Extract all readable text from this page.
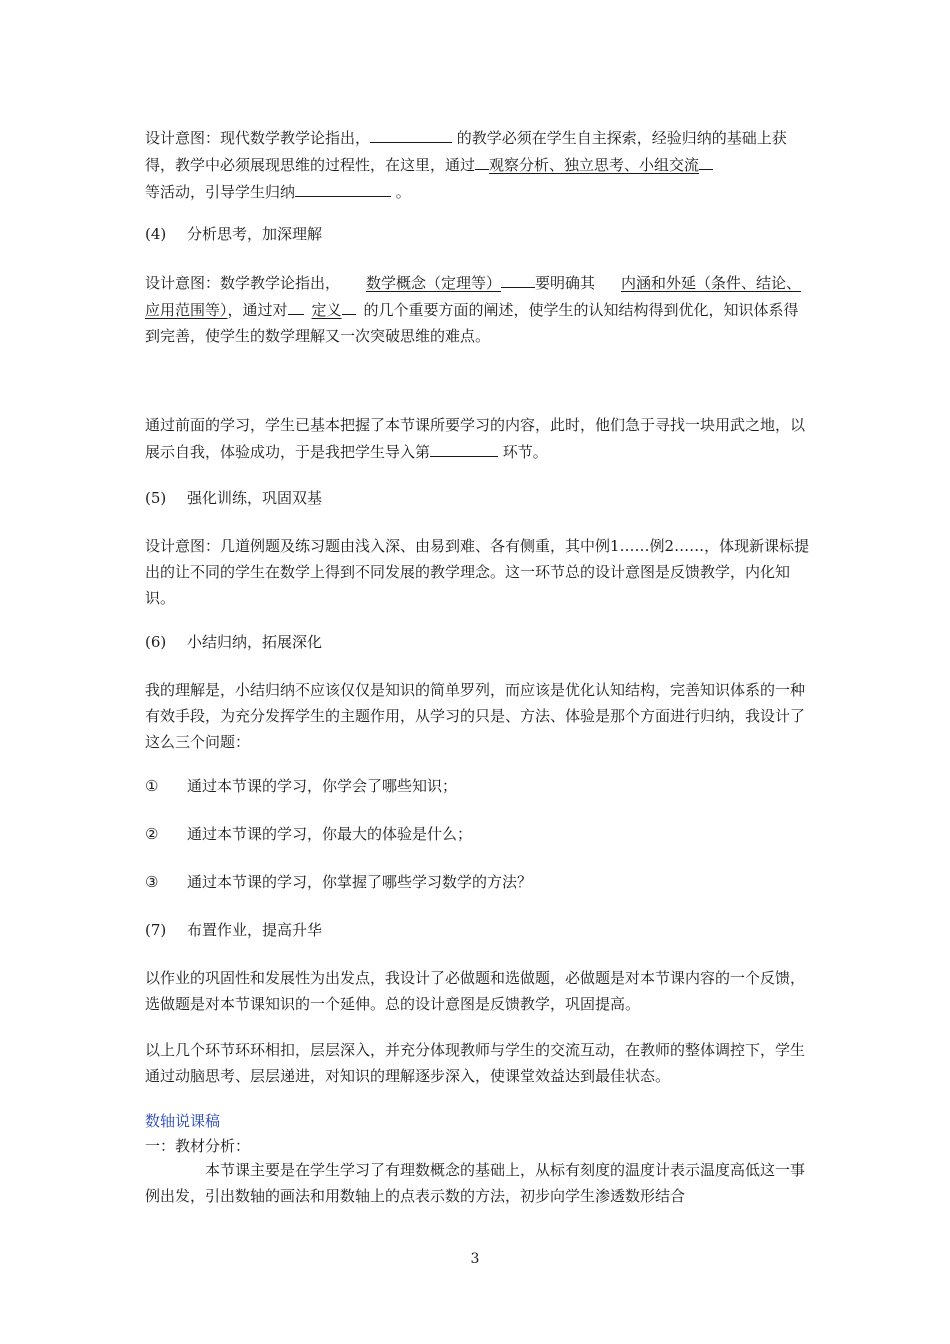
设计意图：现代数学教学论指出，	的教学必须在学生自主探索，经验归纳的基础上获得，教学中必须展现思维的过程性，在这里，通过 观察分析、独立思考、小组交流
等活动，引导学生归纳	。

(4) 分析思考，加深理解

设计意图：数学教学论指出， 数学概念（定理等） 要明确其 内涵和外延（条件、结论、应用范围等），通过对 定义 的几个重要方面的阐述，使学生的认知结构得到优化，知识体系得到完善，使学生的数学理解又一次突破思维的难点。

通过前面的学习，学生已基本把握了本节课所要学习的内容，此时，他们急于寻找一块用武之地，以展示自我，体验成功，于是我把学生导入第	环节。

(5) 强化训练，巩固双基

设计意图：几道例题及练习题由浅入深、由易到难、各有侧重，其中例1……例2……，体现新课标提出的让不同的学生在数学上得到不同发展的教学理念。这一环节总的设计意图是反馈教学，内化知识。

(6) 小结归纳，拓展深化

我的理解是，小结归纳不应该仅仅是知识的简单罗列，而应该是优化认知结构，完善知识体系的一种有效手段，为充分发挥学生的主题作用，从学习的只是、方法、体验是那个方面进行归纳，我设计了这么三个问题：

① 通过本节课的学习，你学会了哪些知识；

② 通过本节课的学习，你最大的体验是什么；

③ 通过本节课的学习，你掌握了哪些学习数学的方法？

(7) 布置作业，提高升华

以作业的巩固性和发展性为出发点，我设计了必做题和选做题，必做题是对本节课内容的一个反馈，选做题是对本节课知识的一个延伸。总的设计意图是反馈教学，巩固提高。

以上几个环节环环相扣，层层深入，并充分体现教师与学生的交流互动，在教师的整体调控下，学生通过动脑思考、层层递进，对知识的理解逐步深入，使课堂效益达到最佳状态。

数轴说课稿

一：教材分析：

本节课主要是在学生学习了有理数概念的基础上，从标有刻度的温度计表示温度高低这一事例出发，引出数轴的画法和用数轴上的点表示数的方法，初步向学生渗透数形结合

3
